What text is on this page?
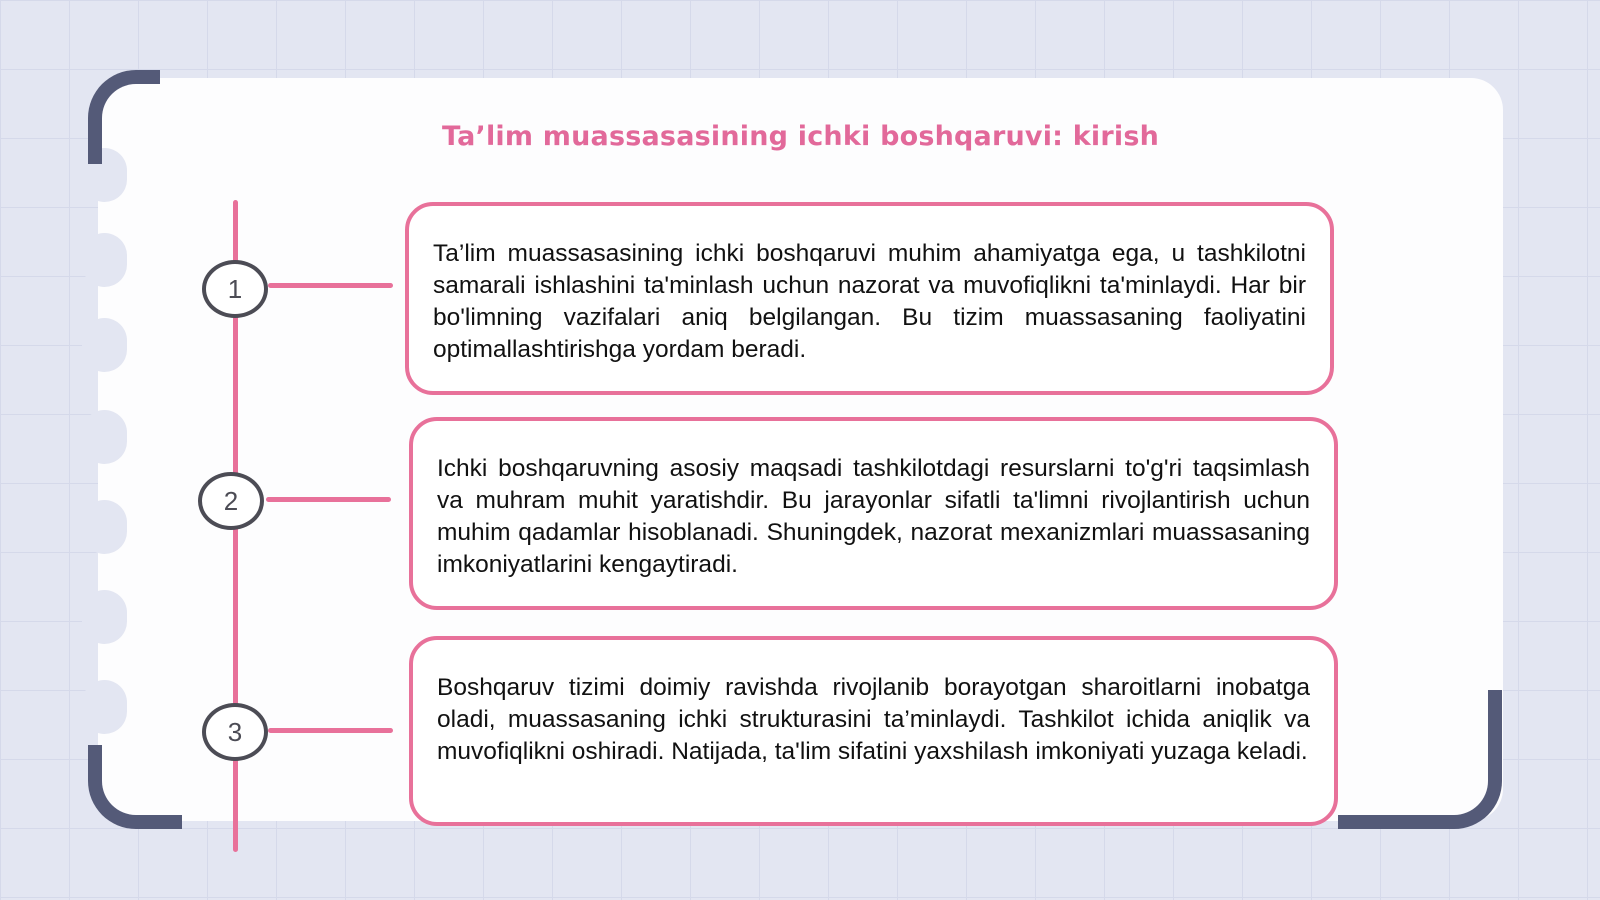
Ta’lim muassasasining ichki boshqaruvi: kirish
1
2
3
Ta’lim muassasasining ichki boshqaruvi muhim ahamiyatga ega, u tashkilotni samarali ishlashini ta'minlash uchun nazorat va muvofiqlikni ta'minlaydi. Har bir bo'limning vazifalari aniq belgilangan. Bu tizim muassasaning faoliyatini optimallashtirishga yordam beradi.
Ichki boshqaruvning asosiy maqsadi tashkilotdagi resurslarni to'g'ri taqsimlash va muhram muhit yaratishdir. Bu jarayonlar sifatli ta'limni rivojlantirish uchun muhim qadamlar hisoblanadi. Shuningdek, nazorat mexanizmlari muassasaning imkoniyatlarini kengaytiradi.
Boshqaruv tizimi doimiy ravishda rivojlanib borayotgan sharoitlarni inobatga oladi, muassasaning ichki strukturasini ta’minlaydi. Tashkilot ichida aniqlik va muvofiqlikni oshiradi. Natijada, ta'lim sifatini yaxshilash imkoniyati yuzaga keladi.
